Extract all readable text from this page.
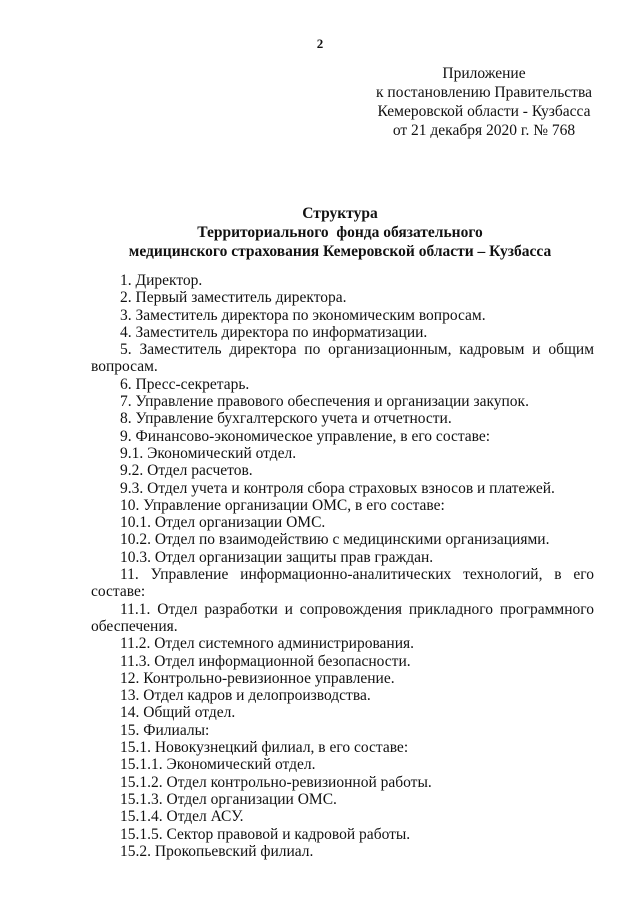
2
Приложение
к постановлению Правительства
Кемеровской области - Кузбасса
от 21 декабря 2020 г. № 768
Структура
Территориального  фонда обязательного
медицинского страхования Кемеровской области – Кузбасса
1. Директор.
2. Первый заместитель директора.
3. Заместитель директора по экономическим вопросам.
4. Заместитель директора по информатизации.
5. Заместитель директора по организационным, кадровым и общим вопросам.
6. Пресс-секретарь.
7. Управление правового обеспечения и организации закупок.
8. Управление бухгалтерского учета и отчетности.
9. Финансово-экономическое управление, в его составе:
9.1. Экономический отдел.
9.2. Отдел расчетов.
9.3. Отдел учета и контроля сбора страховых взносов и платежей.
10. Управление организации ОМС, в его составе:
10.1. Отдел организации ОМС.
10.2. Отдел по взаимодействию с медицинскими организациями.
10.3. Отдел организации защиты прав граждан.
11. Управление информационно-аналитических технологий, в его составе:
11.1. Отдел разработки и сопровождения прикладного программного обеспечения.
11.2. Отдел системного администрирования.
11.3. Отдел информационной безопасности.
12. Контрольно-ревизионное управление.
13. Отдел кадров и делопроизводства.
14. Общий отдел.
15. Филиалы:
15.1. Новокузнецкий филиал, в его составе:
15.1.1. Экономический отдел.
15.1.2. Отдел контрольно-ревизионной работы.
15.1.3. Отдел организации ОМС.
15.1.4. Отдел АСУ.
15.1.5. Сектор правовой и кадровой работы.
15.2. Прокопьевский филиал.
